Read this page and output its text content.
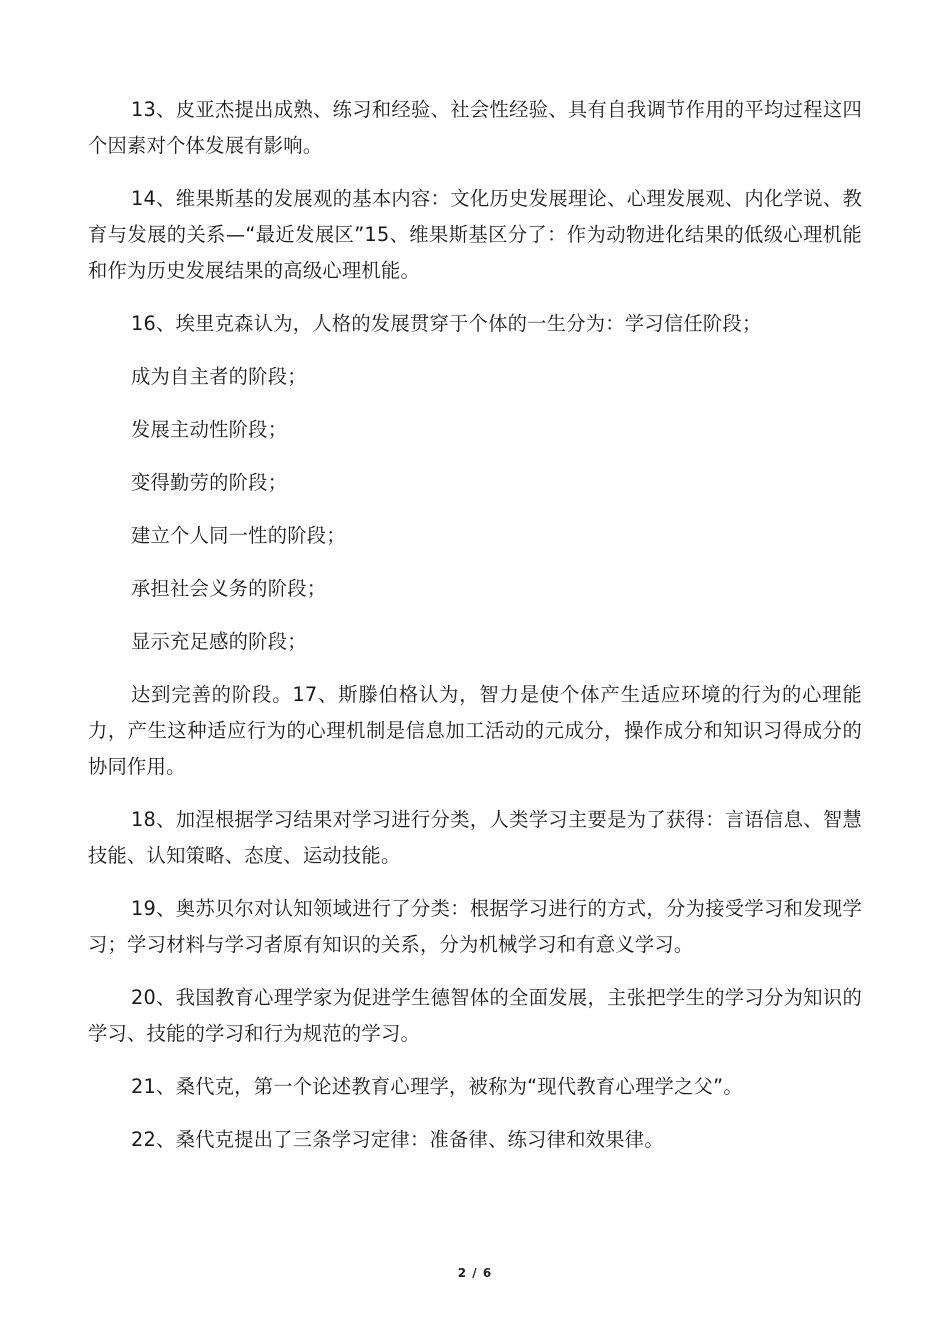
13、皮亚杰提出成熟、练习和经验、社会性经验、具有自我调节作用的平均过程这四个因素对个体发展有影响。

14、维果斯基的发展观的基本内容：文化历史发展理论、心理发展观、内化学说、教育与发展的关系—“最近发展区”15、维果斯基区分了：作为动物进化结果的低级心理机能和作为历史发展结果的高级心理机能。

16、埃里克森认为，人格的发展贯穿于个体的一生分为：学习信任阶段；

成为自主者的阶段；

发展主动性阶段；

变得勤劳的阶段；

建立个人同一性的阶段；

承担社会义务的阶段；

显示充足感的阶段；

达到完善的阶段。17、斯滕伯格认为，智力是使个体产生适应环境的行为的心理能力，产生这种适应行为的心理机制是信息加工活动的元成分，操作成分和知识习得成分的协同作用。

18、加涅根据学习结果对学习进行分类，人类学习主要是为了获得：言语信息、智慧技能、认知策略、态度、运动技能。

19、奥苏贝尔对认知领域进行了分类：根据学习进行的方式，分为接受学习和发现学习；学习材料与学习者原有知识的关系，分为机械学习和有意义学习。

20、我国教育心理学家为促进学生德智体的全面发展，主张把学生的学习分为知识的学习、技能的学习和行为规范的学习。

21、桑代克，第一个论述教育心理学，被称为“现代教育心理学之父”。

22、桑代克提出了三条学习定律：准备律、练习律和效果律。

2 / 6
